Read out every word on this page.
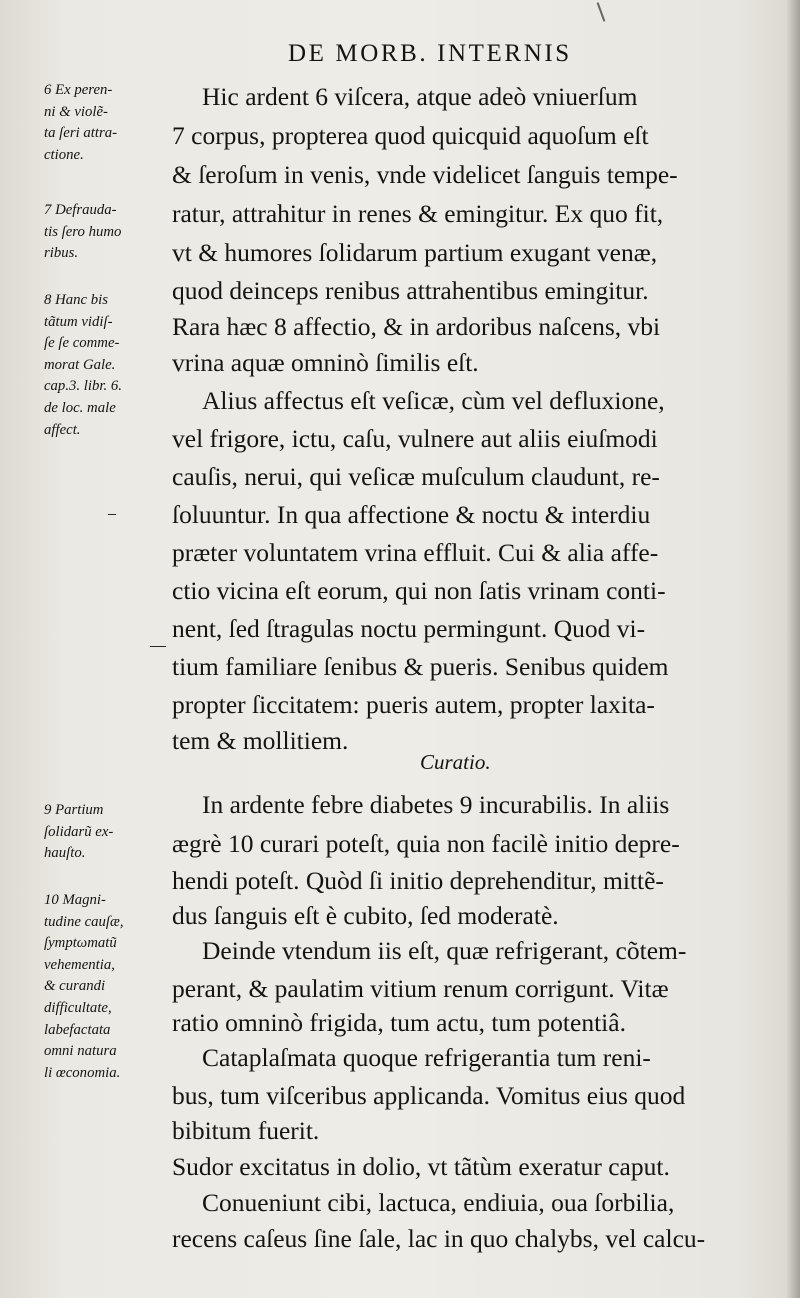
DE MORB. INTERNIS
6 Ex peren-
ni & violẽ-
ta ſeri attra-
ctione.
7 Defrauda-
tis ſero humo
ribus.
8 Hanc bis
tãtum vidiſ-
ſe ſe comme-
morat Gale.
cap.3. libr. 6.
de loc. male
affect.
9 Partium
ſolidarũ ex-
hauſto.
10 Magni-
tudine cauſæ,
ſymptωmatũ
vehementia,
& curandi
difficultate,
labefactata
omni natura
li œconomia.
Hic ardent 6 viſcera, atque adeò vniuerſum
7 corpus, propterea quod quicquid aquoſum eſt
& ſeroſum in venis, vnde videlicet ſanguis tempe-
ratur, attrahitur in renes & emingitur. Ex quo fit,
vt & humores ſolidarum partium exugant venæ,
quod deinceps renibus attrahentibus emingitur.
Rara hæc 8 affectio, & in ardoribus naſcens, vbi
vrina aquæ omninò ſimilis eſt.
Alius affectus eſt veſicæ, cùm vel defluxione,
vel frigore, ictu, caſu, vulnere aut aliis eiuſmodi
cauſis, nerui, qui veſicæ muſculum claudunt, re-
ſoluuntur. In qua affectione & noctu & interdiu
præter voluntatem vrina effluit. Cui & alia affe-
ctio vicina eſt eorum, qui non ſatis vrinam conti-
nent, ſed ſtragulas noctu permingunt. Quod vi-
tium familiare ſenibus & pueris. Senibus quidem
propter ſiccitatem: pueris autem, propter laxita-
tem & mollitiem.
Curatio.
In ardente febre diabetes 9 incurabilis. In aliis
ægrè 10 curari poteſt, quia non facilè initio depre-
hendi poteſt. Quòd ſi initio deprehenditur, mittẽ-
dus ſanguis eſt è cubito, ſed moderatè.
Deinde vtendum iis eſt, quæ refrigerant, cõtem-
perant, & paulatim vitium renum corrigunt. Vitæ
ratio omninò frigida, tum actu, tum potentiâ.
Cataplaſmata quoque refrigerantia tum reni-
bus, tum viſceribus applicanda. Vomitus eius quod
bibitum fuerit.
Sudor excitatus in dolio, vt tãtùm exeratur caput.
Conueniunt cibi, lactuca, endiuia, oua ſorbilia,
recens caſeus ſine ſale, lac in quo chalybs, vel calcu-
